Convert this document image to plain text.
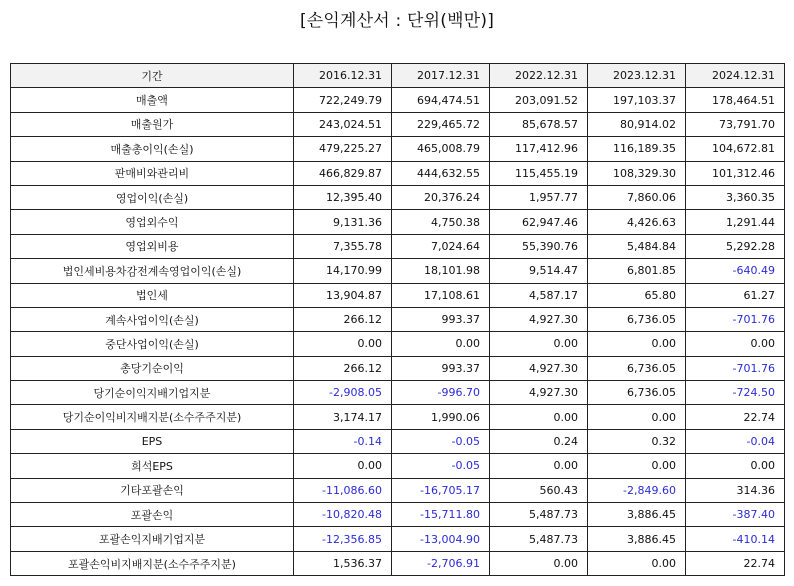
[손익계산서 : 단위(백만)]
기간	2016.12.31	2017.12.31	2022.12.31	2023.12.31	2024.12.31
매출액	722,249.79	694,474.51	203,091.52	197,103.37	178,464.51
매출원가	243,024.51	229,465.72	85,678.57	80,914.02	73,791.70
매출총이익(손실)	479,225.27	465,008.79	117,412.96	116,189.35	104,672.81
판매비와관리비	466,829.87	444,632.55	115,455.19	108,329.30	101,312.46
영업이익(손실)	12,395.40	20,376.24	1,957.77	7,860.06	3,360.35
영업외수익	9,131.36	4,750.38	62,947.46	4,426.63	1,291.44
영업외비용	7,355.78	7,024.64	55,390.76	5,484.84	5,292.28
법인세비용차감전계속영업이익(손실)	14,170.99	18,101.98	9,514.47	6,801.85	-640.49
법인세	13,904.87	17,108.61	4,587.17	65.80	61.27
계속사업이익(손실)	266.12	993.37	4,927.30	6,736.05	-701.76
중단사업이익(손실)	0.00	0.00	0.00	0.00	0.00
총당기순이익	266.12	993.37	4,927.30	6,736.05	-701.76
당기순이익지배기업지분	-2,908.05	-996.70	4,927.30	6,736.05	-724.50
당기순이익비지배지분(소수주주지분)	3,174.17	1,990.06	0.00	0.00	22.74
EPS	-0.14	-0.05	0.24	0.32	-0.04
희석EPS	0.00	-0.05	0.00	0.00	0.00
기타포괄손익	-11,086.60	-16,705.17	560.43	-2,849.60	314.36
포괄손익	-10,820.48	-15,711.80	5,487.73	3,886.45	-387.40
포괄손익지배기업지분	-12,356.85	-13,004.90	5,487.73	3,886.45	-410.14
포괄손익비지배지분(소수주주지분)	1,536.37	-2,706.91	0.00	0.00	22.74
